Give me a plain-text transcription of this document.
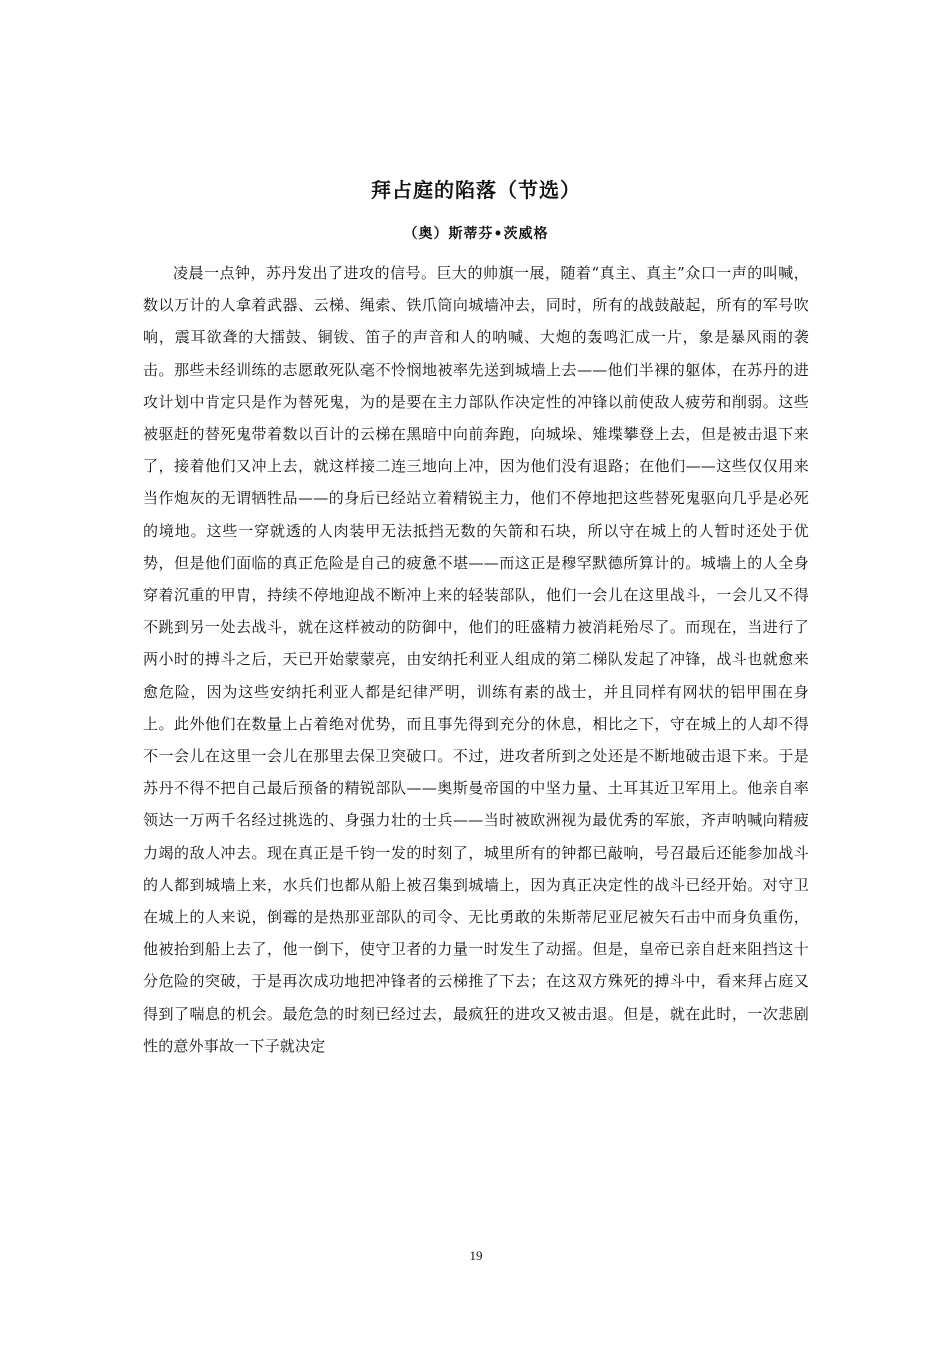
拜占庭的陷落（节选）

（奥）斯蒂芬•茨威格

凌晨一点钟，苏丹发出了进攻的信号。巨大的帅旗一展，随着“真主、真主”众口一声的叫喊，数以万计的人拿着武器、云梯、绳索、铁爪筒向城墙冲去，同时，所有的战鼓敲起，所有的军号吹响，震耳欲聋的大擂鼓、铜钹、笛子的声音和人的呐喊、大炮的轰鸣汇成一片，象是暴风雨的袭击。那些未经训练的志愿敢死队毫不怜悯地被率先送到城墙上去——他们半裸的躯体，在苏丹的进攻计划中肯定只是作为替死鬼，为的是要在主力部队作决定性的冲锋以前使敌人疲劳和削弱。这些被驱赶的替死鬼带着数以百计的云梯在黑暗中向前奔跑，向城垛、雉堞攀登上去，但是被击退下来了，接着他们又冲上去，就这样接二连三地向上冲，因为他们没有退路；在他们——这些仅仅用来当作炮灰的无谓牺牲品——的身后已经站立着精锐主力，他们不停地把这些替死鬼驱向几乎是必死的境地。这些一穿就透的人肉装甲无法抵挡无数的矢箭和石块，所以守在城上的人暂时还处于优势，但是他们面临的真正危险是自己的疲惫不堪——而这正是穆罕默德所算计的。城墙上的人全身穿着沉重的甲胄，持续不停地迎战不断冲上来的轻装部队，他们一会儿在这里战斗，一会儿又不得不跳到另一处去战斗，就在这样被动的防御中，他们的旺盛精力被消耗殆尽了。而现在，当进行了两小时的搏斗之后，天已开始蒙蒙亮，由安纳托利亚人组成的第二梯队发起了冲锋，战斗也就愈来愈危险，因为这些安纳托利亚人都是纪律严明，训练有素的战士，并且同样有网状的铝甲围在身上。此外他们在数量上占着绝对优势，而且事先得到充分的休息，相比之下，守在城上的人却不得不一会儿在这里一会儿在那里去保卫突破口。不过，进攻者所到之处还是不断地破击退下来。于是苏丹不得不把自己最后预备的精锐部队——奥斯曼帝国的中坚力量、土耳其近卫军用上。他亲自率领达一万两千名经过挑选的、身强力壮的士兵——当时被欧洲视为最优秀的军旅，齐声呐喊向精疲力竭的敌人冲去。现在真正是千钧一发的时刻了，城里所有的钟都已敲响，号召最后还能参加战斗的人都到城墙上来，水兵们也都从船上被召集到城墙上，因为真正决定性的战斗已经开始。对守卫在城上的人来说，倒霉的是热那亚部队的司令、无比勇敢的朱斯蒂尼亚尼被矢石击中而身负重伤，他被抬到船上去了，他一倒下，使守卫者的力量一时发生了动摇。但是，皇帝已亲自赶来阻挡这十分危险的突破，于是再次成功地把冲锋者的云梯推了下去；在这双方殊死的搏斗中，看来拜占庭又得到了喘息的机会。最危急的时刻已经过去，最疯狂的进攻又被击退。但是，就在此时，一次悲剧性的意外事故一下子就决定

19
